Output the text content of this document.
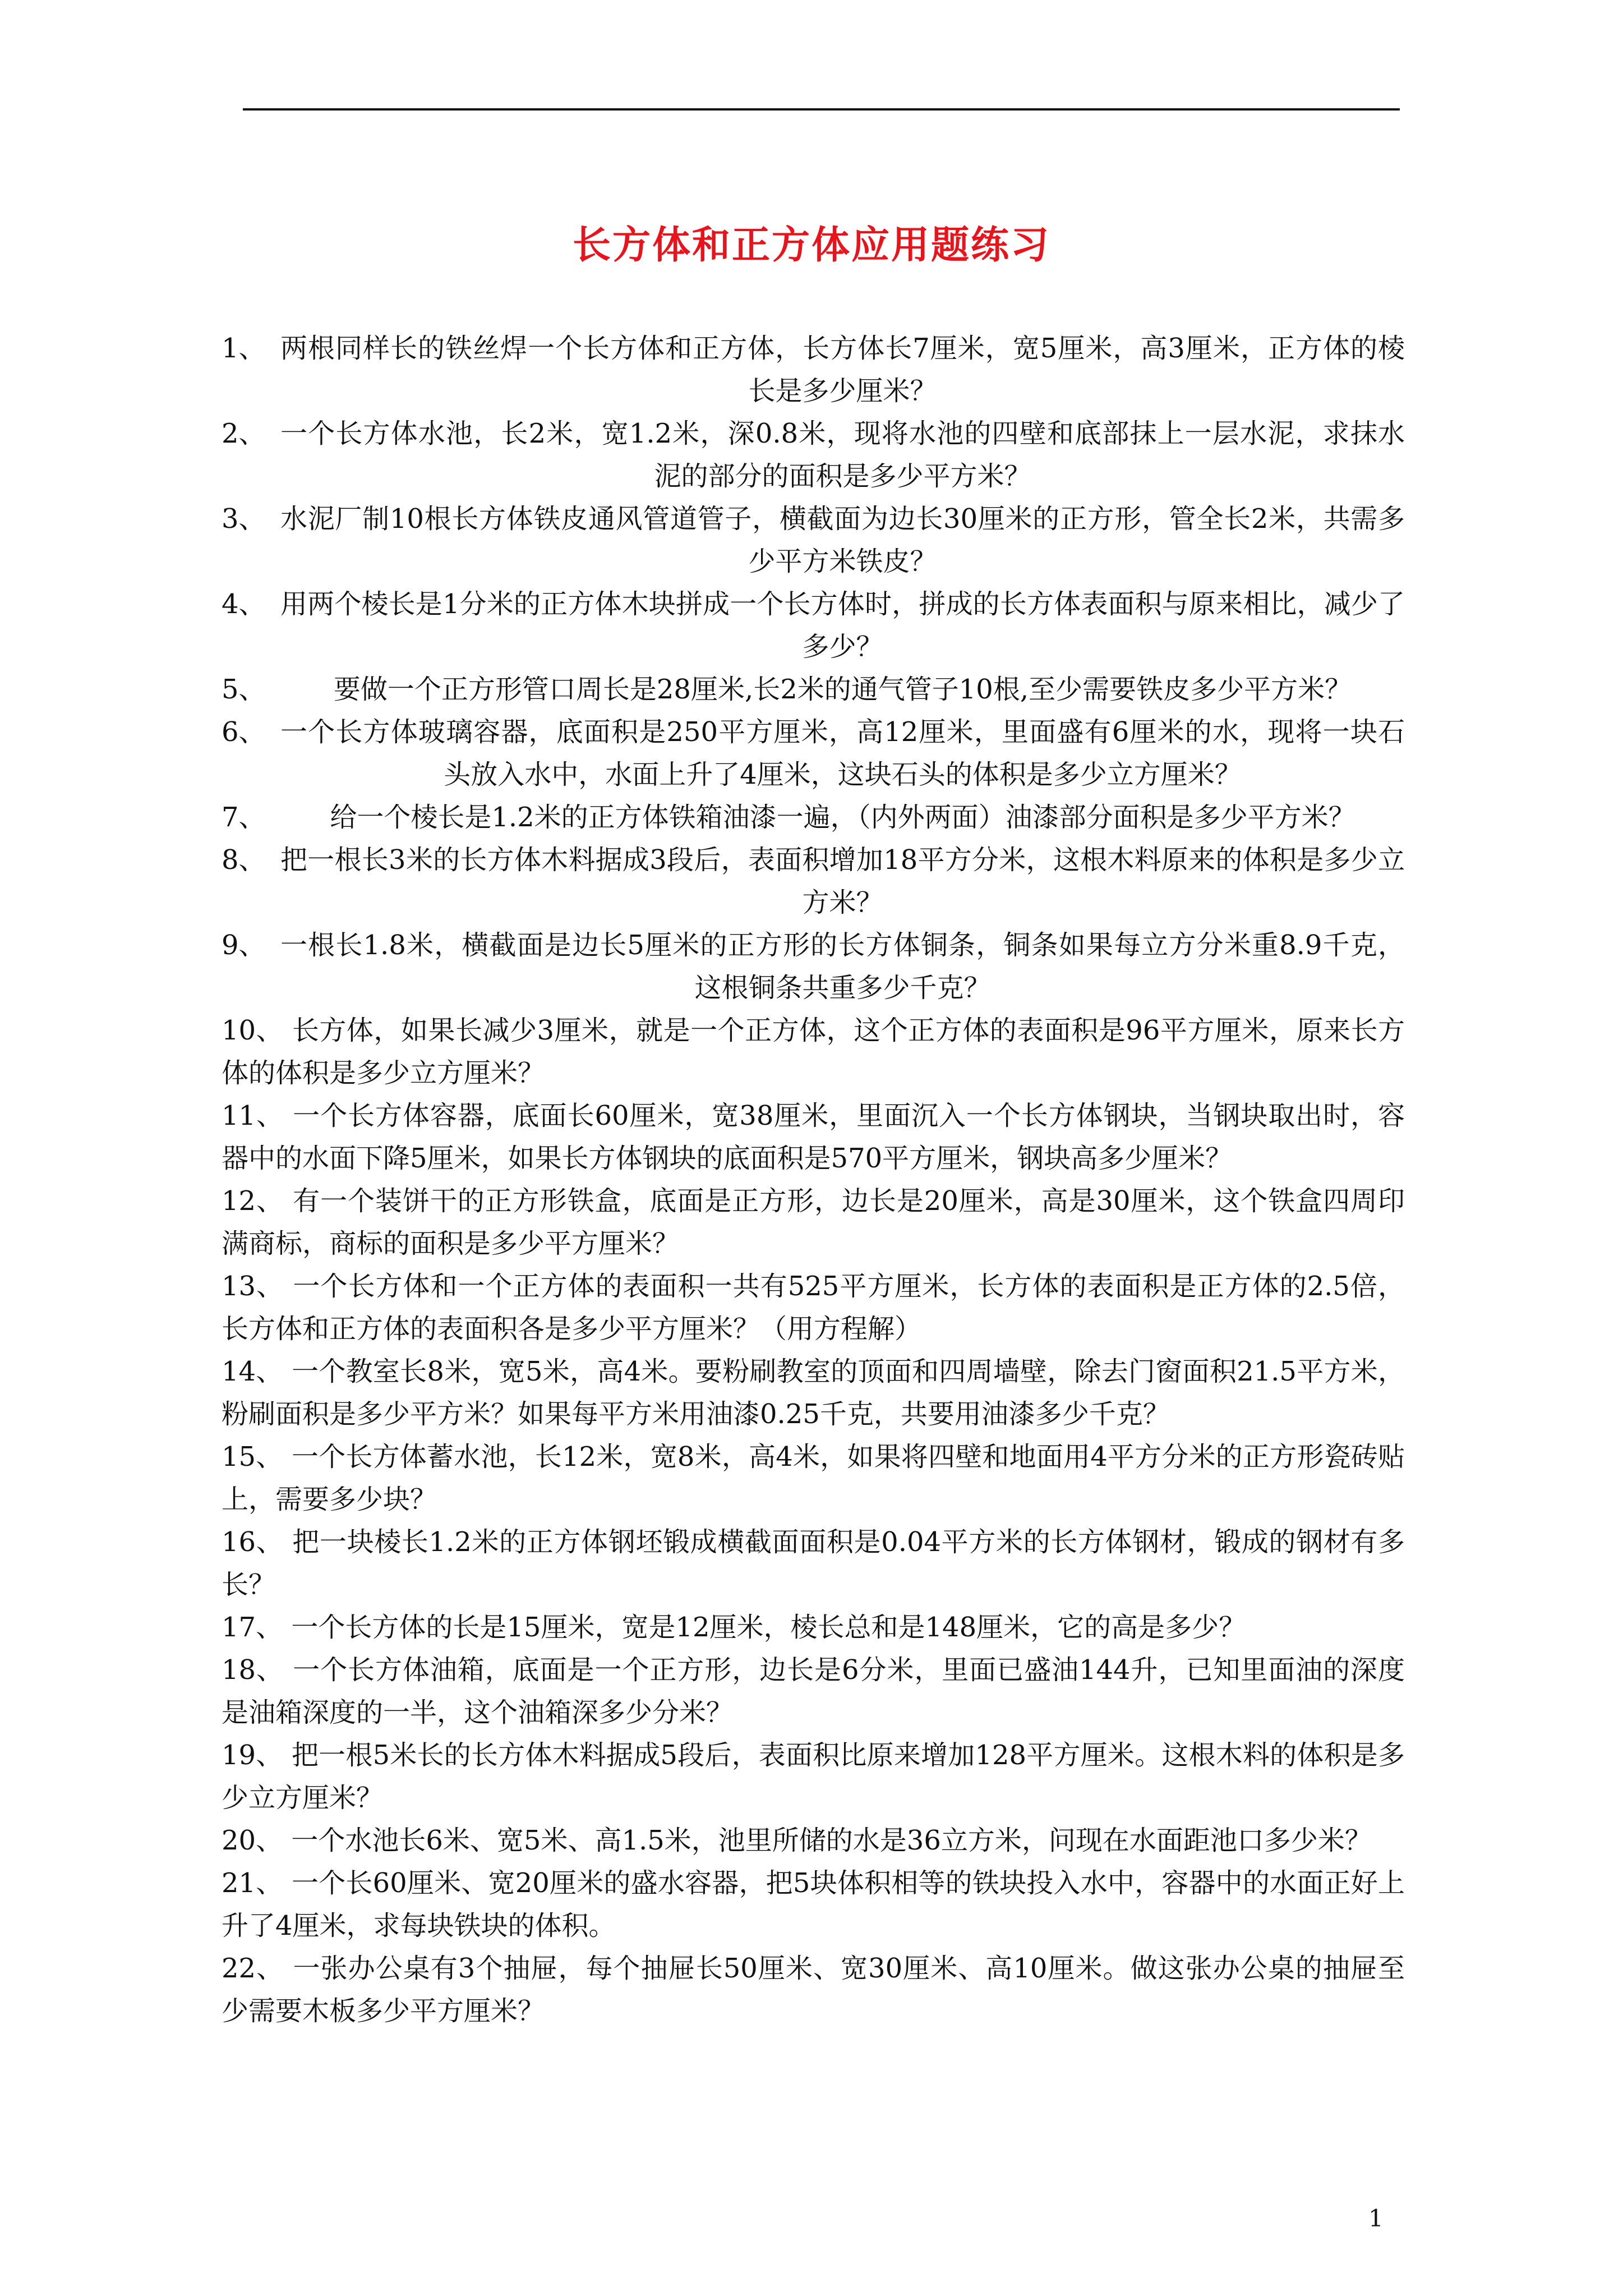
长方体和正方体应用题练习
1、 两根同样长的铁丝焊一个长方体和正方体，长方体长7厘米，宽5厘米，高3厘米，正方体的棱长是多少厘米？
2、 一个长方体水池，长2米，宽1.2米，深0.8米，现将水池的四壁和底部抹上一层水泥，求抹水泥的部分的面积是多少平方米？
3、 水泥厂制10根长方体铁皮通风管道管子，横截面为边长30厘米的正方形，管全长2米，共需多少平方米铁皮？
4、 用两个棱长是1分米的正方体木块拼成一个长方体时，拼成的长方体表面积与原来相比，减少了多少？
5、	要做一个正方形管口周长是28厘米,长2米的通气管子10根,至少需要铁皮多少平方米？
6、 一个长方体玻璃容器，底面积是250平方厘米，高12厘米，里面盛有6厘米的水，现将一块石头放入水中，水面上升了4厘米，这块石头的体积是多少立方厘米？
7、	给一个棱长是1.2米的正方体铁箱油漆一遍，（内外两面）油漆部分面积是多少平方米？
8、 把一根长3米的长方体木料据成3段后，表面积增加18平方分米，这根木料原来的体积是多少立方米？
9、 一根长1.8米，横截面是边长5厘米的正方形的长方体铜条，铜条如果每立方分米重8.9千克，这根铜条共重多少千克？
10、 长方体，如果长减少3厘米，就是一个正方体，这个正方体的表面积是96平方厘米，原来长方体的体积是多少立方厘米？
11、 一个长方体容器，底面长60厘米，宽38厘米，里面沉入一个长方体钢块，当钢块取出时，容器中的水面下降5厘米，如果长方体钢块的底面积是570平方厘米，钢块高多少厘米？
12、 有一个装饼干的正方形铁盒，底面是正方形，边长是20厘米，高是30厘米，这个铁盒四周印满商标，商标的面积是多少平方厘米？
13、 一个长方体和一个正方体的表面积一共有525平方厘米，长方体的表面积是正方体的2.5倍，长方体和正方体的表面积各是多少平方厘米？（用方程解）
14、 一个教室长8米，宽5米，高4米。要粉刷教室的顶面和四周墙壁，除去门窗面积21.5平方米，粉刷面积是多少平方米？如果每平方米用油漆0.25千克，共要用油漆多少千克？
15、 一个长方体蓄水池，长12米，宽8米，高4米，如果将四壁和地面用4平方分米的正方形瓷砖贴上，需要多少块？
16、 把一块棱长1.2米的正方体钢坯锻成横截面面积是0.04平方米的长方体钢材，锻成的钢材有多长？
17、 一个长方体的长是15厘米，宽是12厘米，棱长总和是148厘米，它的高是多少？
18、 一个长方体油箱，底面是一个正方形，边长是6分米，里面已盛油144升，已知里面油的深度是油箱深度的一半，这个油箱深多少分米？
19、 把一根5米长的长方体木料据成5段后，表面积比原来增加128平方厘米。这根木料的体积是多少立方厘米？
20、 一个水池长6米、宽5米、高1.5米，池里所储的水是36立方米，问现在水面距池口多少米？
21、 一个长60厘米、宽20厘米的盛水容器，把5块体积相等的铁块投入水中，容器中的水面正好上升了4厘米，求每块铁块的体积。
22、 一张办公桌有3个抽屉，每个抽屉长50厘米、宽30厘米、高10厘米。做这张办公桌的抽屉至少需要木板多少平方厘米？
1
